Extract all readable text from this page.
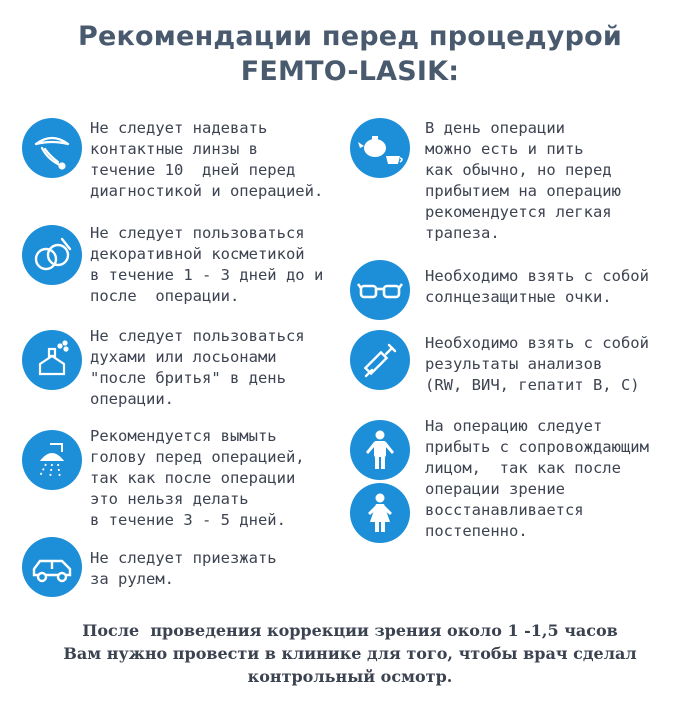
Рекомендации перед процедурой
FEMTO-LASIK:
Не следует надевать
контактные линзы в
течение 10  дней перед
диагностикой и операцией.
Не следует пользоваться
декоративной косметикой
в течение 1 - 3 дней до и
после  операции.
Не следует пользоваться
духами или лосьонами
"после бритья" в день
операции.
Рекомендуется вымыть
голову перед операцией,
так как после операции
это нельзя делать
в течение 3 - 5 дней.
Не следует приезжать
за рулем.
В день операции
можно есть и пить
как обычно, но перед
прибытием на операцию
рекомендуется легкая
трапеза.
Необходимо взять с собой
солнцезащитные очки.
Необходимо взять с собой
результаты анализов
(RW, ВИЧ, гепатит В, С)
На операцию следует
прибыть с сопровождающим
лицом,  так как после
операции зрение
восстанавливается
постепенно.
После  проведения коррекции зрения около 1 -1,5 часов
Вам нужно провести в клинике для того, чтобы врач сделал
контрольный осмотр.
